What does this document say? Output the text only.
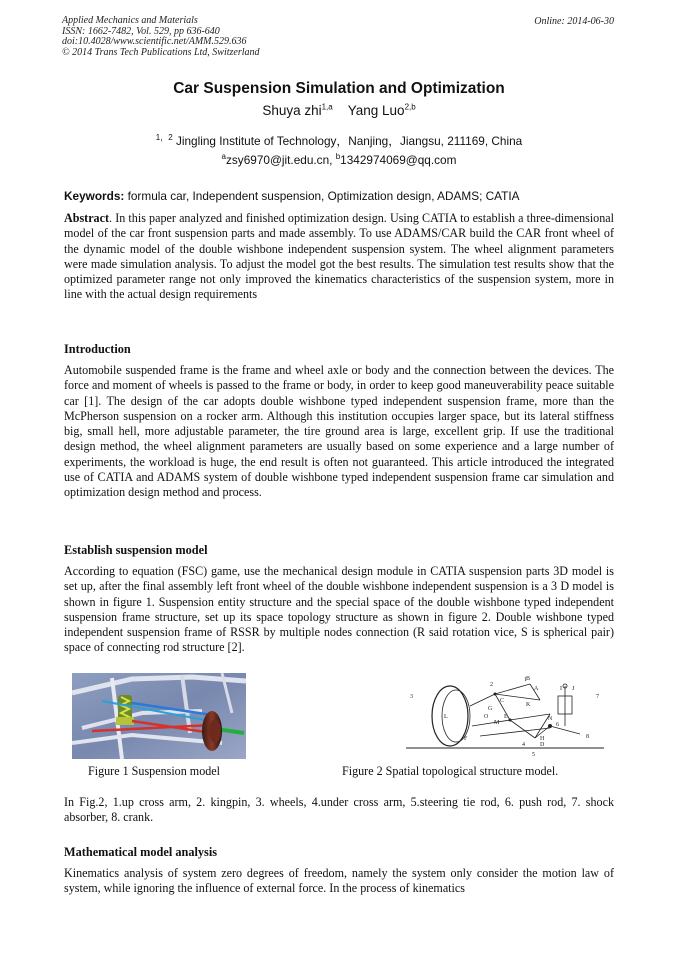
Applied Mechanics and Materials
ISSN: 1662-7482, Vol. 529, pp 636-640
doi:10.4028/www.scientific.net/AMM.529.636
© 2014 Trans Tech Publications Ltd, Switzerland
Online: 2014-06-30
Car Suspension Simulation and Optimization
Shuya zhi$^{1,a}$ Yang Luo$^{2,b}$
$^{1,2}$ Jingling Institute of Technology，Nanjing，Jiangsu, 211169, China
$^a$zsy6970@jit.edu.cn, $^b$1342974069@qq.com
Keywords: formula car, Independent suspension, Optimization design, ADAMS; CATIA
Abstract. In this paper analyzed and finished optimization design. Using CATIA to establish a three-dimensional model of the car front suspension parts and made assembly. To use ADAMS/CAR build the CAR front wheel of the dynamic model of the double wishbone independent suspension system. The wheel alignment parameters were made simulation analysis. To adjust the model got the best results. The simulation test results show that the optimized parameter range not only improved the kinematics characteristics of the suspension system, more in line with the actual design requirements
Introduction
Automobile suspended frame is the frame and wheel axle or body and the connection between the devices. The force and moment of wheels is passed to the frame or body, in order to keep good maneuverability peace suitable car [1]. The design of the car adopts double wishbone typed independent suspension frame, more than the McPherson suspension on a rocker arm. Although this institution occupies larger space, but its lateral stiffness big, small hell, more adjustable parameter, the tire ground area is large, excellent grip. If use the traditional design method, the wheel alignment parameters are usually based on some experience and a large number of experiments, the workload is huge, the end result is often not guaranteed. This article introduced the integrated use of CATIA and ADAMS system of double wishbone typed independent suspension frame car simulation and optimization design method and process.
Establish suspension model
According to equation (FSC) game, use the mechanical design module in CATIA suspension parts 3D model is set up, after the final assembly left front wheel of the double wishbone independent suspension is a 3 D model is shown in figure 1. Suspension entity structure and the special space of the double wishbone typed independent suspension frame structure, set up its space topology structure as shown in figure 2. Double wishbone typed independent suspension frame of RSSR by multiple nodes connection (R said rotation vice, S is spherical pair) space of connecting rod structure [2].
3
2
1
7
8
4
5
6
A
B
C
D
E
F
G
H
I J
K
L
M
N
O
Figure 1 Suspension model	Figure 2 Spatial topological structure model.
In Fig.2, 1.up cross arm, 2. kingpin, 3. wheels, 4.under cross arm, 5.steering tie rod, 6. push rod, 7. shock absorber, 8. crank.
Mathematical model analysis
Kinematics analysis of system zero degrees of freedom, namely the system only consider the motion law of system, while ignoring the influence of external force. In the process of kinematics
